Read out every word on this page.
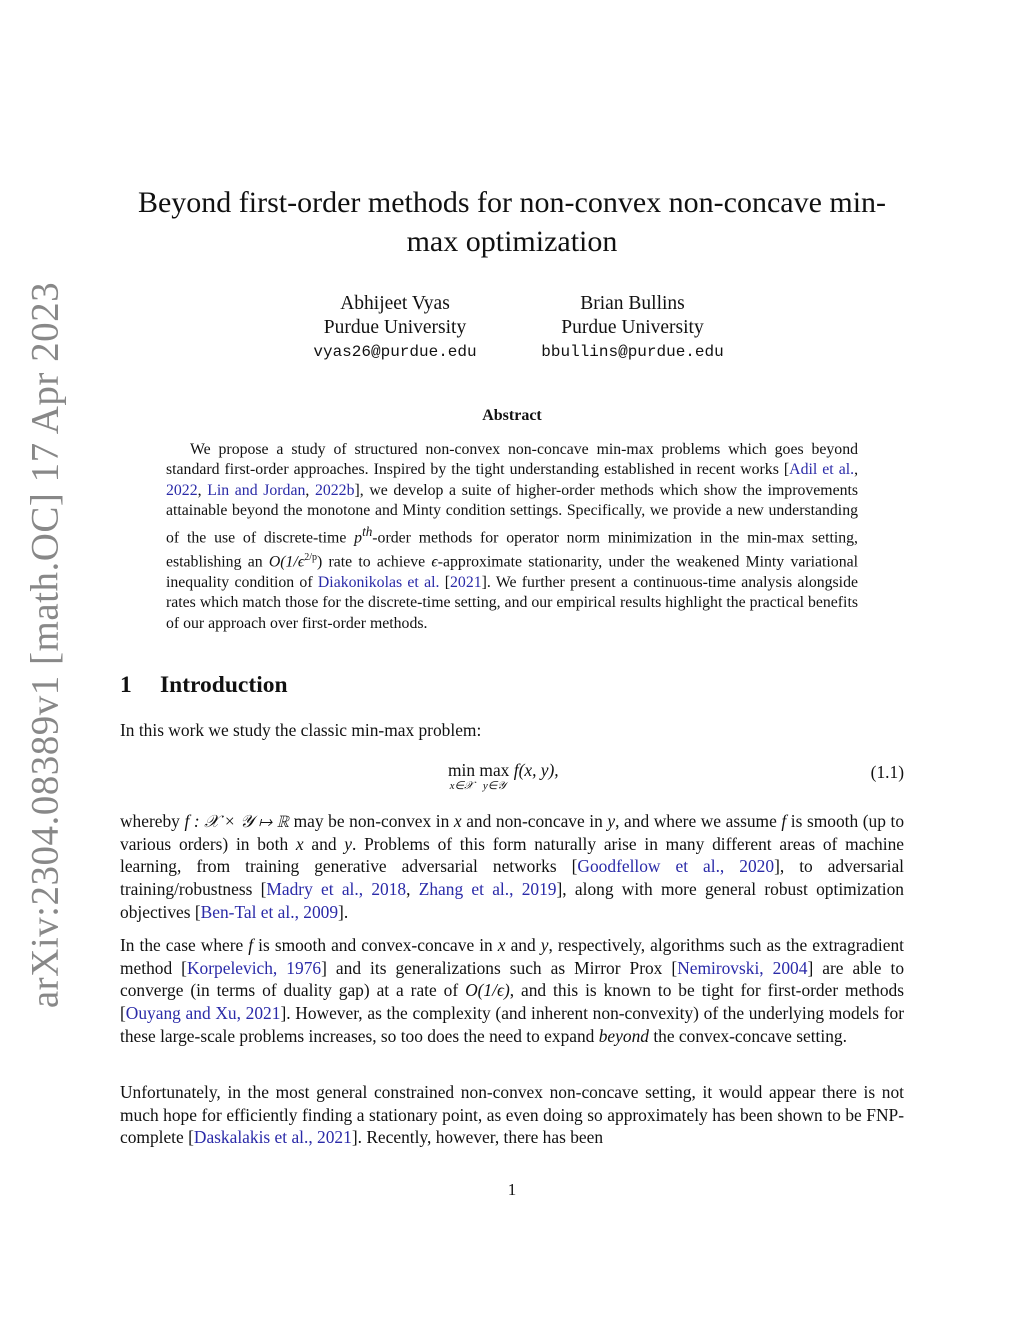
arXiv:2304.08389v1 [math.OC] 17 Apr 2023
Beyond first-order methods for non-convex non-concave min-max optimization
Abhijeet Vyas
Purdue University
vyas26@purdue.edu
Brian Bullins
Purdue University
bbullins@purdue.edu
Abstract

We propose a study of structured non-convex non-concave min-max problems which goes beyond standard first-order approaches. Inspired by the tight understanding established in recent works [Adil et al., 2022, Lin and Jordan, 2022b], we develop a suite of higher-order methods which show the improvements attainable beyond the monotone and Minty condition settings. Specifically, we provide a new understanding of the use of discrete-time $p^{th}$-order methods for operator norm minimization in the min-max setting, establishing an $O(1/\epsilon^{2/p})$ rate to achieve ϵ-approximate stationarity, under the weakened Minty variational inequality condition of Diakonikolas et al. [2021]. We further present a continuous-time analysis alongside rates which match those for the discrete-time setting, and our empirical results highlight the practical benefits of our approach over first-order methods.

1 Introduction

In this work we study the classic min-max problem:

min
x∈𝒳
max
y∈𝒴
f(x, y),	(1.1)

whereby f : 𝒳 × 𝒴 ↦ ℝ may be non-convex in x and non-concave in y, and where we assume f is smooth (up to various orders) in both x and y. Problems of this form naturally arise in many different areas of machine learning, from training generative adversarial networks [Goodfellow et al., 2020], to adversarial training/robustness [Madry et al., 2018, Zhang et al., 2019], along with more general robust optimization objectives [Ben-Tal et al., 2009].

In the case where f is smooth and convex-concave in x and y, respectively, algorithms such as the extragradient method [Korpelevich, 1976] and its generalizations such as Mirror Prox [Nemirovski, 2004] are able to converge (in terms of duality gap) at a rate of O(1/ϵ), and this is known to be tight for first-order methods [Ouyang and Xu, 2021]. However, as the complexity (and inherent non-convexity) of the underlying models for these large-scale problems increases, so too does the need to expand beyond the convex-concave setting.

Unfortunately, in the most general constrained non-convex non-concave setting, it would appear there is not much hope for efficiently finding a stationary point, as even doing so approximately has been shown to be FNP-complete [Daskalakis et al., 2021]. Recently, however, there has been

1
